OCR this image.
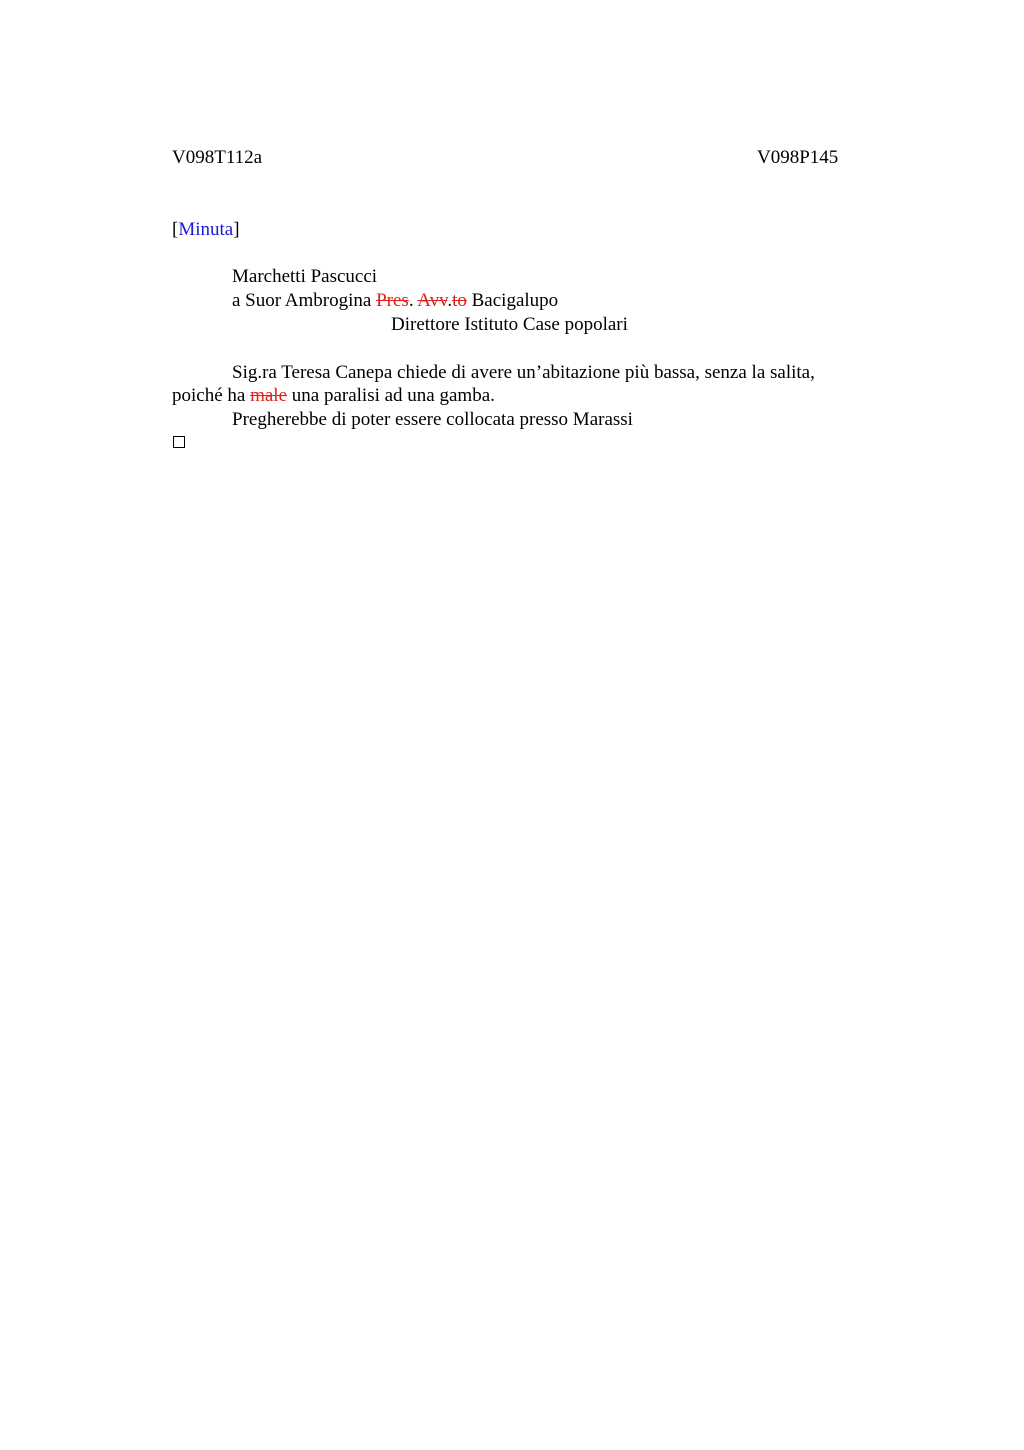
V098T112a	V098P145
[Minuta]
Marchetti Pascucci
a Suor Ambrogina Pres. Avv.to Bacigalupo
Direttore Istituto Case popolari
Sig.ra Teresa Canepa chiede di avere un’abitazione più bassa, senza la salita,
poiché ha male una paralisi ad una gamba.
Pregherebbe di poter essere collocata presso Marassi
